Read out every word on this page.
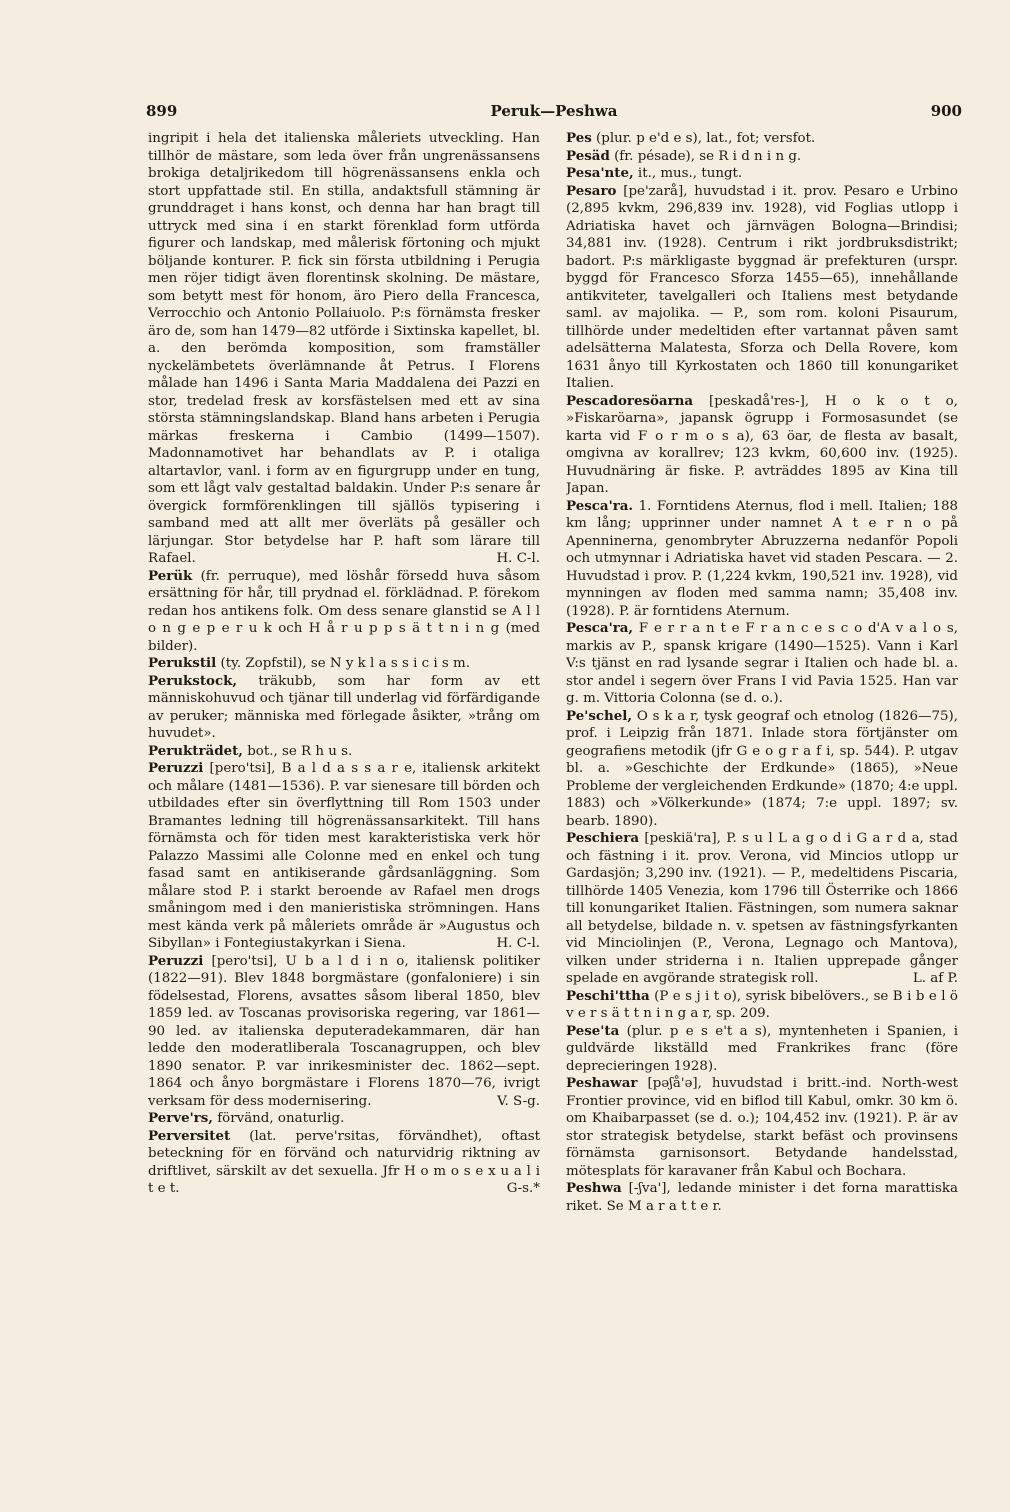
899	Peruk—Peshwa	900

ingripit i hela det italienska måleriets utveckling. Han tillhör de mästare, som leda över från ungrenässansens brokiga detaljrikedom till högrenässansens enkla och stort uppfattade stil. En stilla, andaktsfull stämning är grunddraget i hans konst, och denna har han bragt till uttryck med sina i en starkt förenklad form utförda figurer och landskap, med målerisk förtoning och mjukt böljande konturer. P. fick sin första utbildning i Perugia men röjer tidigt även florentinsk skolning. De mästare, som betytt mest för honom, äro Piero della Francesca, Verrocchio och Antonio Pollaiuolo. P:s förnämsta fresker äro de, som han 1479—82 utförde i Sixtinska kapellet, bl. a. den berömda komposition, som framställer nyckelämbetets överlämnande åt Petrus. I Florens målade han 1496 i Santa Maria Maddalena dei Pazzi en stor, tredelad fresk av korsfästelsen med ett av sina största stämningslandskap. Bland hans arbeten i Perugia märkas freskerna i Cambio (1499—1507). Madonnamotivet har behandlats av P. i otaliga altartavlor, vanl. i form av en figurgrupp under en tung, som ett lågt valv gestaltad baldakin. Under P:s senare år övergick formförenklingen till själlös typisering i samband med att allt mer överläts på gesäller och lärjungar. Stor betydelse har P. haft som lärare till Rafael.	H. C-l.

Perük (fr. perruque), med löshår försedd huva såsom ersättning för hår, till prydnad el. förklädnad. P. förekom redan hos antikens folk. Om dess senare glanstid se A l l o n g e p e r u k och H å r u p p s ä t t n i n g (med bilder).

Perukstil (ty. Zopfstil), se N y k l a s s i c i s m.

Perukstock, träkubb, som har form av ett människohuvud och tjänar till underlag vid förfärdigande av peruker; människa med förlegade åsikter, »trång om huvudet».

Perukträdet, bot., se R h u s.

Peruzzi [pero'tsi], B a l d a s s a r e, italiensk arkitekt och målare (1481—1536). P. var sienesare till börden och utbildades efter sin överflyttning till Rom 1503 under Bramantes ledning till högrenässansarkitekt. Till hans förnämsta och för tiden mest karakteristiska verk hör Palazzo Massimi alle Colonne med en enkel och tung fasad samt en antikiserande gårdsanläggning. Som målare stod P. i starkt beroende av Rafael men drogs småningom med i den manieristiska strömningen. Hans mest kända verk på måleriets område är »Augustus och Sibyllan» i Fontegiustakyrkan i Siena.	H. C-l.

Peruzzi [pero'tsi], U b a l d i n o, italiensk politiker (1822—91). Blev 1848 borgmästare (gonfaloniere) i sin födelsestad, Florens, avsattes såsom liberal 1850, blev 1859 led. av Toscanas provisoriska regering, var 1861—90 led. av italienska deputeradekammaren, där han ledde den moderatliberala Toscanagruppen, och blev 1890 senator. P. var inrikesminister dec. 1862—sept. 1864 och ånyo borgmästare i Florens 1870—76, ivrigt verksam för dess modernisering.	V. S-g.

Perve'rs, förvänd, onaturlig.

Perversitet (lat. perve'rsitas, förvändhet), oftast beteckning för en förvänd och naturvidrig riktning av driftlivet, särskilt av det sexuella. Jfr H o m o s e x u a l i t e t.	G-s.*

Pes (plur. p e'd e s), lat., fot; versfot.

Pesäd (fr. pésade), se R i d n i n g.

Pesa'nte, it., mus., tungt.

Pesaro [pe'zarå], huvudstad i it. prov. Pesaro e Urbino (2,895 kvkm, 296,839 inv. 1928), vid Foglias utlopp i Adriatiska havet och järnvägen Bologna—Brindisi; 34,881 inv. (1928). Centrum i rikt jordbruksdistrikt; badort. P:s märkligaste byggnad är prefekturen (urspr. byggd för Francesco Sforza 1455—65), innehållande antikviteter, tavelgalleri och Italiens mest betydande saml. av majolika. — P., som rom. koloni Pisaurum, tillhörde under medeltiden efter vartannat påven samt adelsätterna Malatesta, Sforza och Della Rovere, kom 1631 ånyo till Kyrkostaten och 1860 till konungariket Italien.

Pescadoresöarna [peskadå'res-], H o k o t o, »Fiskaröarna», japansk ögrupp i Formosasundet (se karta vid F o r m o s a), 63 öar, de flesta av basalt, omgivna av korallrev; 123 kvkm, 60,600 inv. (1925). Huvudnäring är fiske. P. avträddes 1895 av Kina till Japan.

Pesca'ra. 1. Forntidens Aternus, flod i mell. Italien; 188 km lång; upprinner under namnet A t e r n o på Apenninerna, genombryter Abruzzerna nedanför Popoli och utmynnar i Adriatiska havet vid staden Pescara. — 2. Huvudstad i prov. P. (1,224 kvkm, 190,521 inv. 1928), vid mynningen av floden med samma namn; 35,408 inv. (1928). P. är forntidens Aternum.

Pesca'ra, F e r r a n t e F r a n c e s c o d'A v a l o s, markis av P., spansk krigare (1490—1525). Vann i Karl V:s tjänst en rad lysande segrar i Italien och hade bl. a. stor andel i segern över Frans I vid Pavia 1525. Han var g. m. Vittoria Colonna (se d. o.).

Pe'schel, O s k a r, tysk geograf och etnolog (1826—75), prof. i Leipzig från 1871. Inlade stora förtjänster om geografiens metodik (jfr G e o g r a f i, sp. 544). P. utgav bl. a. »Geschichte der Erdkunde» (1865), »Neue Probleme der vergleichenden Erdkunde» (1870; 4:e uppl. 1883) och »Völkerkunde» (1874; 7:e uppl. 1897; sv. bearb. 1890).

Peschiera [peskiä'ra], P. s u l L a g o d i G a r d a, stad och fästning i it. prov. Verona, vid Mincios utlopp ur Gardasjön; 3,290 inv. (1921). — P., medeltidens Piscaria, tillhörde 1405 Venezia, kom 1796 till Österrike och 1866 till konungariket Italien. Fästningen, som numera saknar all betydelse, bildade n. v. spetsen av fästningsfyrkanten vid Minciolinjen (P., Verona, Legnago och Mantova), vilken under striderna i n. Italien upprepade gånger spelade en avgörande strategisk roll.	L. af P.

Peschi'ttha (P e s j i t o), syrisk bibelövers., se B i b e l ö v e r s ä t t n i n g a r, sp. 209.

Pese'ta (plur. p e s e't a s), myntenheten i Spanien, i guldvärde likställd med Frankrikes franc (före deprecieringen 1928).

Peshawar [pəʃå'ə], huvudstad i britt.-ind. North-west Frontier province, vid en biflod till Kabul, omkr. 30 km ö. om Khaibarpasset (se d. o.); 104,452 inv. (1921). P. är av stor strategisk betydelse, starkt befäst och provinsens förnämsta garnisonsort. Betydande handelsstad, mötesplats för karavaner från Kabul och Bochara.

Peshwa [-ʃva'], ledande minister i det forna marattiska riket. Se M a r a t t e r.
